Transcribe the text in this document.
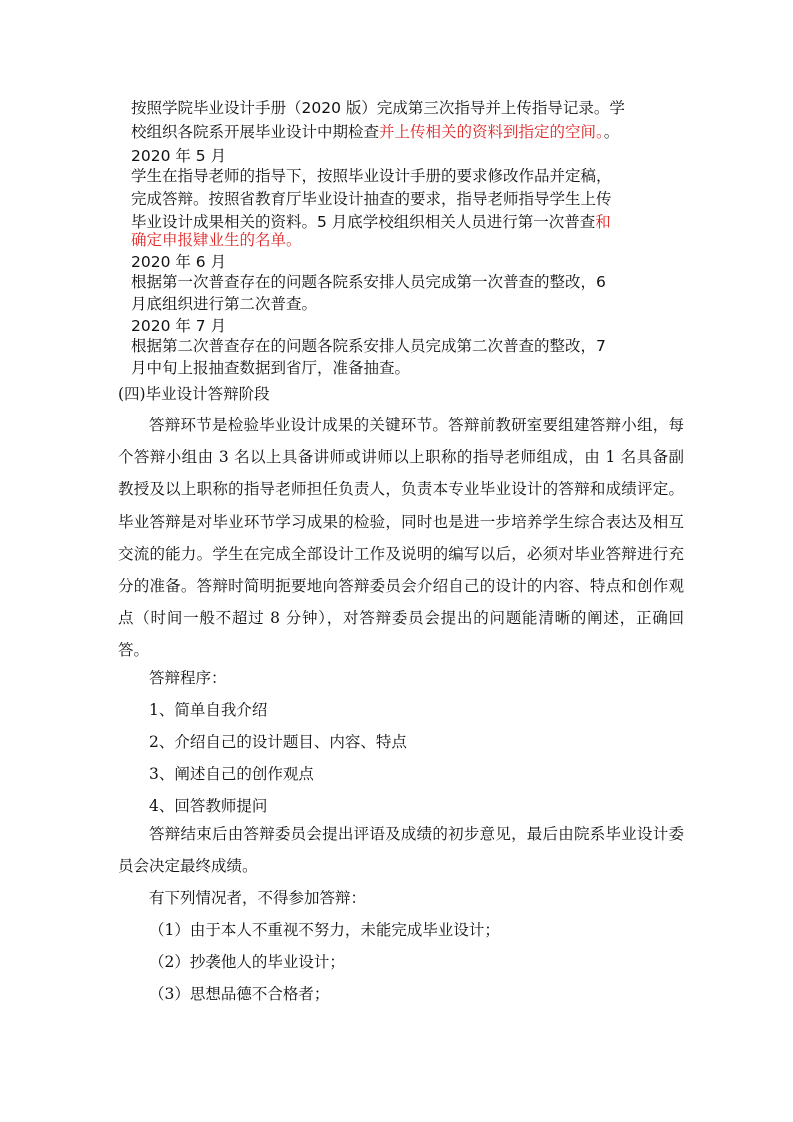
按照学院毕业设计手册（2020 版）完成第三次指导并上传指导记录。学
校组织各院系开展毕业设计中期检查并上传相关的资料到指定的空间。。
2020 年 5 月
学生在指导老师的指导下，按照毕业设计手册的要求修改作品并定稿，
完成答辩。按照省教育厅毕业设计抽查的要求，指导老师指导学生上传
毕业设计成果相关的资料。5 月底学校组织相关人员进行第一次普查和
确定申报肄业生的名单。
2020 年 6 月
根据第一次普查存在的问题各院系安排人员完成第一次普查的整改，6
月底组织进行第二次普查。
2020 年 7 月
根据第二次普查存在的问题各院系安排人员完成第二次普查的整改，7
月中旬上报抽查数据到省厅，准备抽查。
(四)毕业设计答辩阶段
答辩环节是检验毕业设计成果的关键环节。答辩前教研室要组建答辩小组，每个答辩小组由 3 名以上具备讲师或讲师以上职称的指导老师组成，由 1 名具备副教授及以上职称的指导老师担任负责人，负责本专业毕业设计的答辩和成绩评定。毕业答辩是对毕业环节学习成果的检验，同时也是进一步培养学生综合表达及相互交流的能力。学生在完成全部设计工作及说明的编写以后，必须对毕业答辩进行充分的准备。答辩时简明扼要地向答辩委员会介绍自己的设计的内容、特点和创作观点（时间一般不超过 8 分钟），对答辩委员会提出的问题能清晰的阐述，正确回答。
答辩程序：
1、简单自我介绍
2、介绍自己的设计题目、内容、特点
3、阐述自己的创作观点
4、回答教师提问
答辩结束后由答辩委员会提出评语及成绩的初步意见，最后由院系毕业设计委员会决定最终成绩。
有下列情况者，不得参加答辩：
（1）由于本人不重视不努力，未能完成毕业设计；
（2）抄袭他人的毕业设计；
（3）思想品德不合格者；
